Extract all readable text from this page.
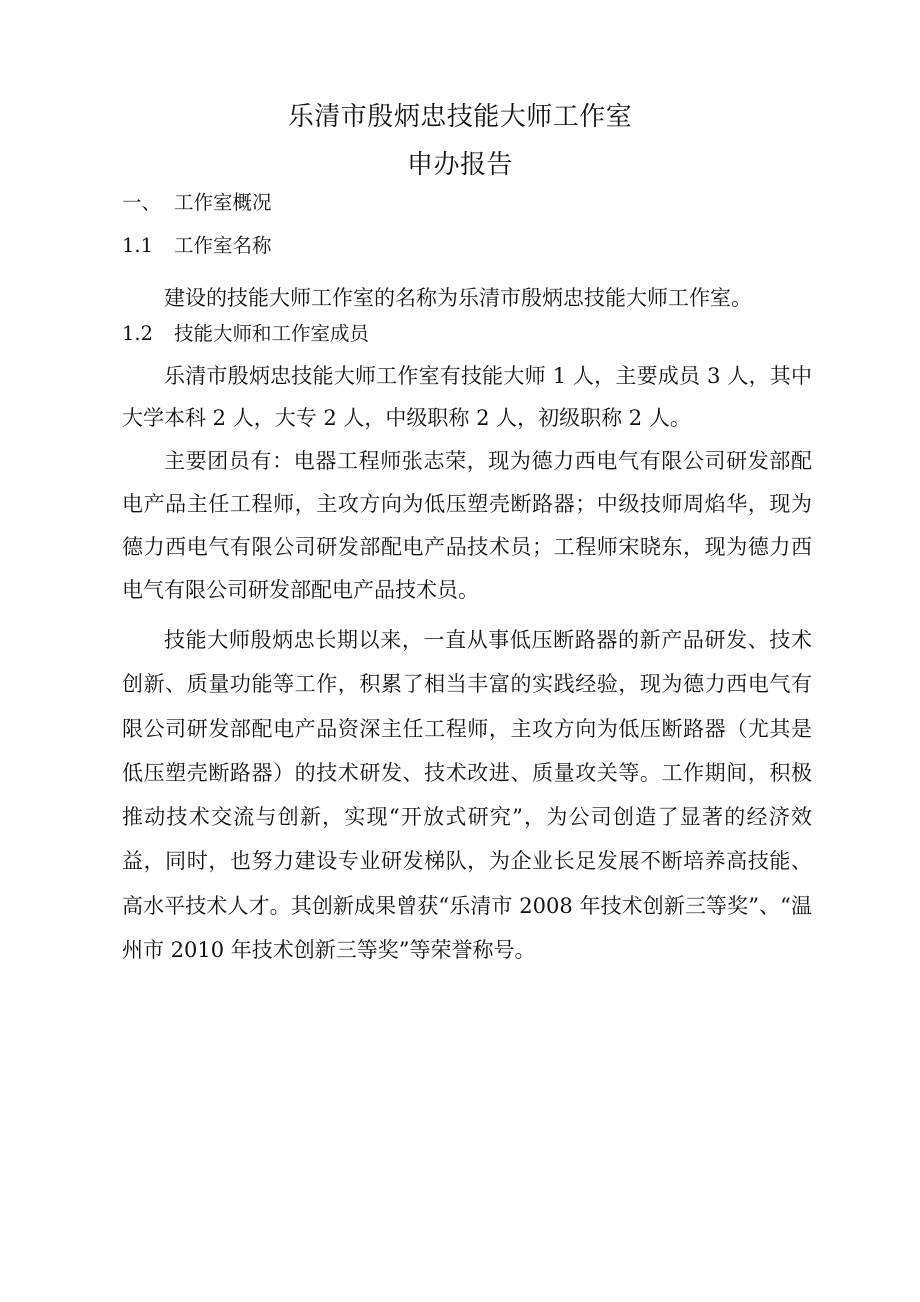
乐清市殷炳忠技能大师工作室
申办报告
一、 工作室概况
1.1 工作室名称
建设的技能大师工作室的名称为乐清市殷炳忠技能大师工作室。
1.2 技能大师和工作室成员
乐清市殷炳忠技能大师工作室有技能大师 1 人，主要成员 3 人，其中大学本科 2 人，大专 2 人，中级职称 2 人，初级职称 2 人。
主要团员有：电器工程师张志荣，现为德力西电气有限公司研发部配电产品主任工程师，主攻方向为低压塑壳断路器；中级技师周焰华，现为德力西电气有限公司研发部配电产品技术员；工程师宋晓东，现为德力西电气有限公司研发部配电产品技术员。
技能大师殷炳忠长期以来，一直从事低压断路器的新产品研发、技术创新、质量功能等工作，积累了相当丰富的实践经验，现为德力西电气有限公司研发部配电产品资深主任工程师，主攻方向为低压断路器（尤其是低压塑壳断路器）的技术研发、技术改进、质量攻关等。工作期间，积极推动技术交流与创新，实现“开放式研究”，为公司创造了显著的经济效益，同时，也努力建设专业研发梯队，为企业长足发展不断培养高技能、高水平技术人才。其创新成果曾获“乐清市 2008 年技术创新三等奖”、“温州市 2010 年技术创新三等奖”等荣誉称号。
